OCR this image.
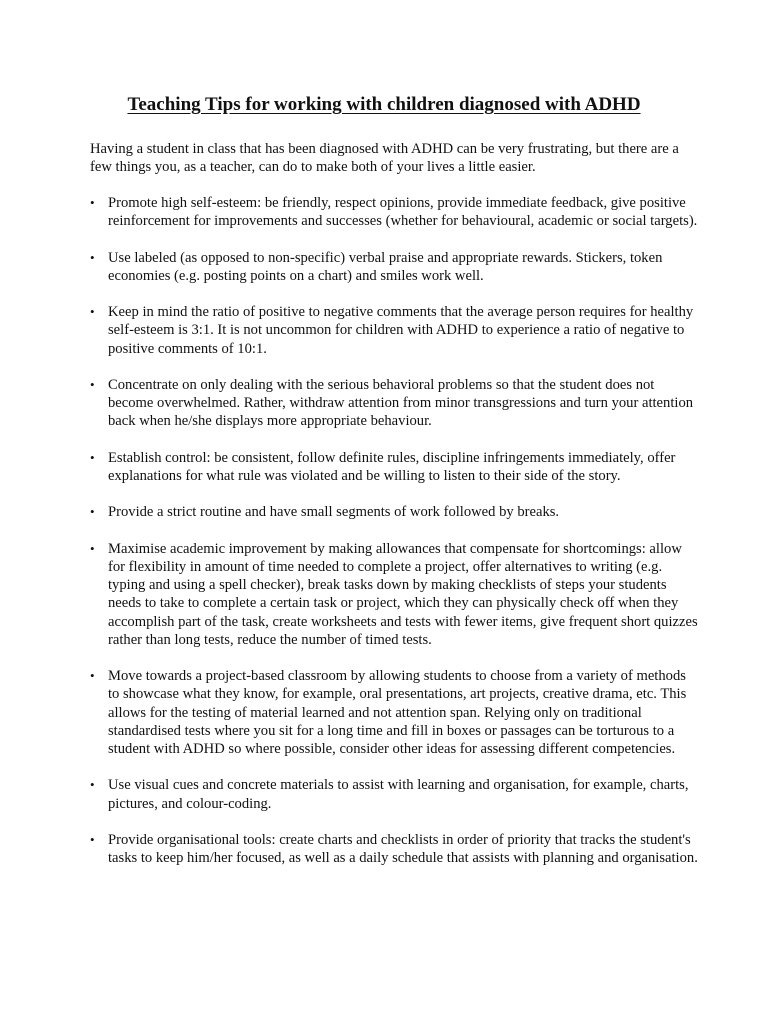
Teaching Tips for working with children diagnosed with ADHD

Having a student in class that has been diagnosed with ADHD can be very frustrating, but there are a few things you, as a teacher, can do to make both of your lives a little easier.

• Promote high self-esteem: be friendly, respect opinions, provide immediate feedback, give positive reinforcement for improvements and successes (whether for behavioural, academic or social targets).
• Use labeled (as opposed to non-specific) verbal praise and appropriate rewards. Stickers, token economies (e.g. posting points on a chart) and smiles work well.
• Keep in mind the ratio of positive to negative comments that the average person requires for healthy self-esteem is 3:1. It is not uncommon for children with ADHD to experience a ratio of negative to positive comments of 10:1.
• Concentrate on only dealing with the serious behavioral problems so that the student does not become overwhelmed. Rather, withdraw attention from minor transgressions and turn your attention back when he/she displays more appropriate behaviour.
• Establish control: be consistent, follow definite rules, discipline infringements immediately, offer explanations for what rule was violated and be willing to listen to their side of the story.
• Provide a strict routine and have small segments of work followed by breaks.
• Maximise academic improvement by making allowances that compensate for shortcomings: allow for flexibility in amount of time needed to complete a project, offer alternatives to writing (e.g. typing and using a spell checker), break tasks down by making checklists of steps your students needs to take to complete a certain task or project, which they can physically check off when they accomplish part of the task, create worksheets and tests with fewer items, give frequent short quizzes rather than long tests, reduce the number of timed tests.
• Move towards a project-based classroom by allowing students to choose from a variety of methods to showcase what they know, for example, oral presentations, art projects, creative drama, etc. This allows for the testing of material learned and not attention span. Relying only on traditional standardised tests where you sit for a long time and fill in boxes or passages can be torturous to a student with ADHD so where possible, consider other ideas for assessing different competencies.
• Use visual cues and concrete materials to assist with learning and organisation, for example, charts, pictures, and colour-coding.
• Provide organisational tools: create charts and checklists in order of priority that tracks the student's tasks to keep him/her focused, as well as a daily schedule that assists with planning and organisation.
